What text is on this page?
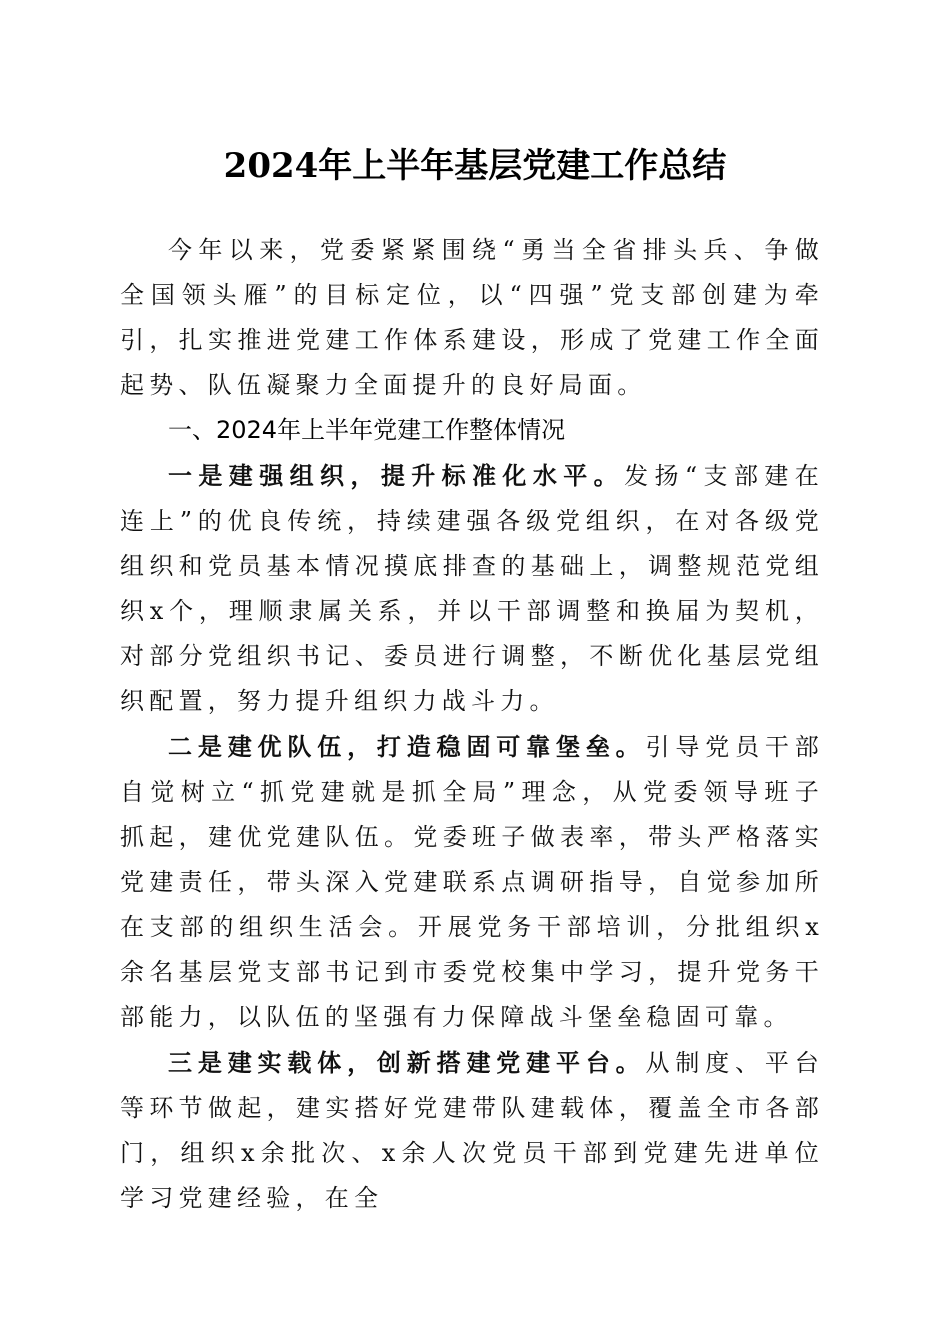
2024年上半年基层党建工作总结

今年以来，党委紧紧围绕“勇当全省排头兵、争做全国领头雁”的目标定位，以“四强”党支部创建为牵引，扎实推进党建工作体系建设，形成了党建工作全面起势、队伍凝聚力全面提升的良好局面。

一、2024年上半年党建工作整体情况

一是建强组织，提升标准化水平。发扬“支部建在连上”的优良传统，持续建强各级党组织，在对各级党组织和党员基本情况摸底排查的基础上，调整规范党组织x个，理顺隶属关系，并以干部调整和换届为契机，对部分党组织书记、委员进行调整，不断优化基层党组织配置，努力提升组织力战斗力。

二是建优队伍，打造稳固可靠堡垒。引导党员干部自觉树立“抓党建就是抓全局”理念，从党委领导班子抓起，建优党建队伍。党委班子做表率，带头严格落实党建责任，带头深入党建联系点调研指导，自觉参加所在支部的组织生活会。开展党务干部培训，分批组织x余名基层党支部书记到市委党校集中学习，提升党务干部能力，以队伍的坚强有力保障战斗堡垒稳固可靠。

三是建实载体，创新搭建党建平台。从制度、平台等环节做起，建实搭好党建带队建载体，覆盖全市各部门，组织x余批次、x余人次党员干部到党建先进单位学习党建经验，在全
